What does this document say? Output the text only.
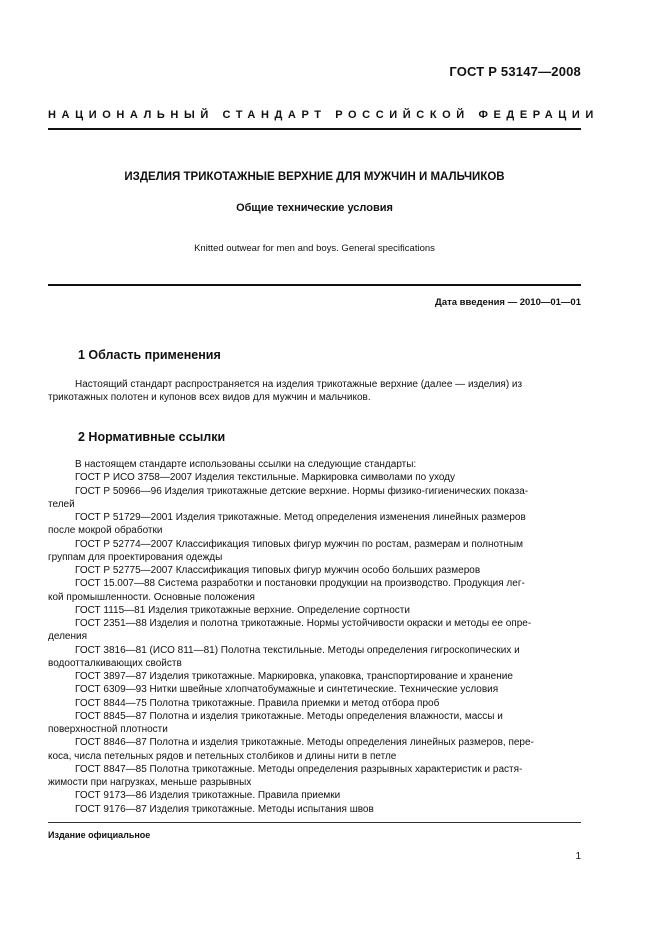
ГОСТ Р 53147—2008
НАЦИОНАЛЬНЫЙ СТАНДАРТ РОССИЙСКОЙ ФЕДЕРАЦИИ
ИЗДЕЛИЯ ТРИКОТАЖНЫЕ ВЕРХНИЕ ДЛЯ МУЖЧИН И МАЛЬЧИКОВ
Общие технические условия
Knitted outwear for men and boys. General specifications
Дата введения — 2010—01—01
1 Область применения
Настоящий стандарт распространяется на изделия трикотажные верхние (далее — изделия) из
трикотажных полотен и купонов всех видов для мужчин и мальчиков.
2 Нормативные ссылки
В настоящем стандарте использованы ссылки на следующие стандарты:
ГОСТ Р ИСО 3758—2007 Изделия текстильные. Маркировка символами по уходу
ГОСТ Р 50966—96 Изделия трикотажные детские верхние. Нормы физико-гигиенических показа-
телей
ГОСТ Р 51729—2001 Изделия трикотажные. Метод определения изменения линейных размеров
после мокрой обработки
ГОСТ Р 52774—2007 Классификация типовых фигур мужчин по ростам, размерам и полнотным
группам для проектирования одежды
ГОСТ Р 52775—2007 Классификация типовых фигур мужчин особо больших размеров
ГОСТ 15.007—88 Система разработки и постановки продукции на производство. Продукция лег-
кой промышленности. Основные положения
ГОСТ 1115—81 Изделия трикотажные верхние. Определение сортности
ГОСТ 2351—88 Изделия и полотна трикотажные. Нормы устойчивости окраски и методы ее опре-
деления
ГОСТ 3816—81 (ИСО 811—81) Полотна текстильные. Методы определения гигроскопических и
водоотталкивающих свойств
ГОСТ 3897—87 Изделия трикотажные. Маркировка, упаковка, транспортирование и хранение
ГОСТ 6309—93 Нитки швейные хлопчатобумажные и синтетические. Технические условия
ГОСТ 8844—75 Полотна трикотажные. Правила приемки и метод отбора проб
ГОСТ 8845—87 Полотна и изделия трикотажные. Методы определения влажности, массы и
поверхностной плотности
ГОСТ 8846—87 Полотна и изделия трикотажные. Методы определения линейных размеров, пере-
коса, числа петельных рядов и петельных столбиков и длины нити в петле
ГОСТ 8847—85 Полотна трикотажные. Методы определения разрывных характеристик и растя-
жимости при нагрузках, меньше разрывных
ГОСТ 9173—86 Изделия трикотажные. Правила приемки
ГОСТ 9176—87 Изделия трикотажные. Методы испытания швов
Издание официальное
1
